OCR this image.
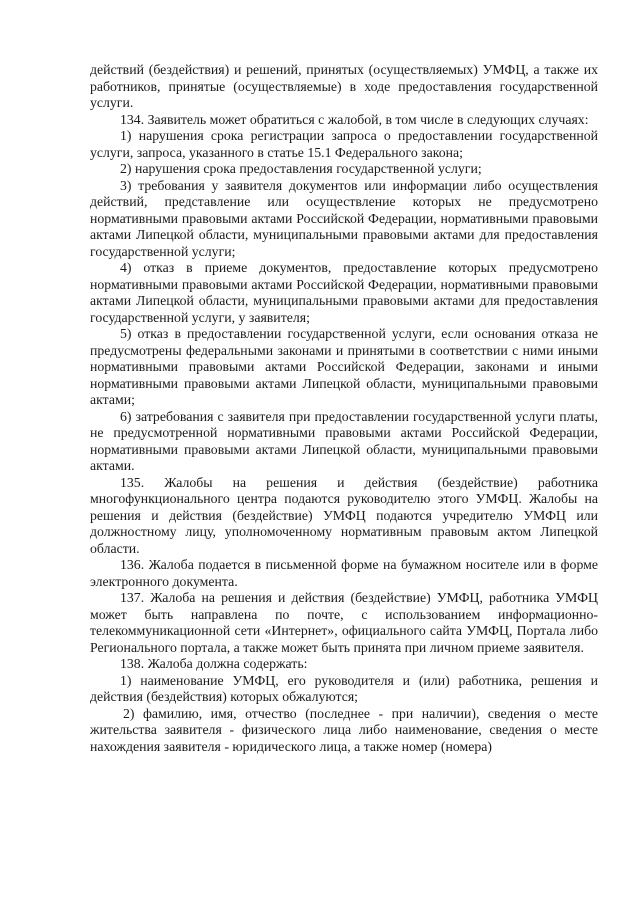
действий (бездействия) и решений, принятых (осуществляемых) УМФЦ, а также их работников, принятые (осуществляемые) в ходе предоставления государственной услуги.

134. Заявитель может обратиться с жалобой, в том числе в следующих случаях:

1) нарушения срока регистрации запроса о предоставлении государственной услуги, запроса, указанного в статье 15.1 Федерального закона;

2) нарушения срока предоставления государственной услуги;

3) требования у заявителя документов или информации либо осуществления действий, представление или осуществление которых не предусмотрено нормативными правовыми актами Российской Федерации, нормативными правовыми актами Липецкой области, муниципальными правовыми актами для предоставления государственной услуги;

4) отказ в приеме документов, предоставление которых предусмотрено нормативными правовыми актами Российской Федерации, нормативными правовыми актами Липецкой области, муниципальными правовыми актами для предоставления государственной услуги, у заявителя;

5) отказ в предоставлении государственной услуги, если основания отказа не предусмотрены федеральными законами и принятыми в соответствии с ними иными нормативными правовыми актами Российской Федерации, законами и иными нормативными правовыми актами Липецкой области, муниципальными правовыми актами;

6) затребования с заявителя при предоставлении государственной услуги платы, не предусмотренной нормативными правовыми актами Российской Федерации, нормативными правовыми актами Липецкой области, муниципальными правовыми актами.

135. Жалобы на решения и действия (бездействие) работника многофункционального центра подаются руководителю этого УМФЦ. Жалобы на решения и действия (бездействие) УМФЦ подаются учредителю УМФЦ или должностному лицу, уполномоченному нормативным правовым актом Липецкой области.

136. Жалоба подается в письменной форме на бумажном носителе или в форме электронного документа.

137. Жалоба на решения и действия (бездействие) УМФЦ, работника УМФЦ может быть направлена по почте, с использованием информационно-телекоммуникационной сети «Интернет», официального сайта УМФЦ, Портала либо Регионального портала, а также может быть принята при личном приеме заявителя.

138. Жалоба должна содержать:

1) наименование УМФЦ, его руководителя и (или) работника, решения и действия (бездействия) которых обжалуются;

2) фамилию, имя, отчество (последнее - при наличии), сведения о месте жительства заявителя - физического лица либо наименование, сведения о месте нахождения заявителя - юридического лица, а также номер (номера)
